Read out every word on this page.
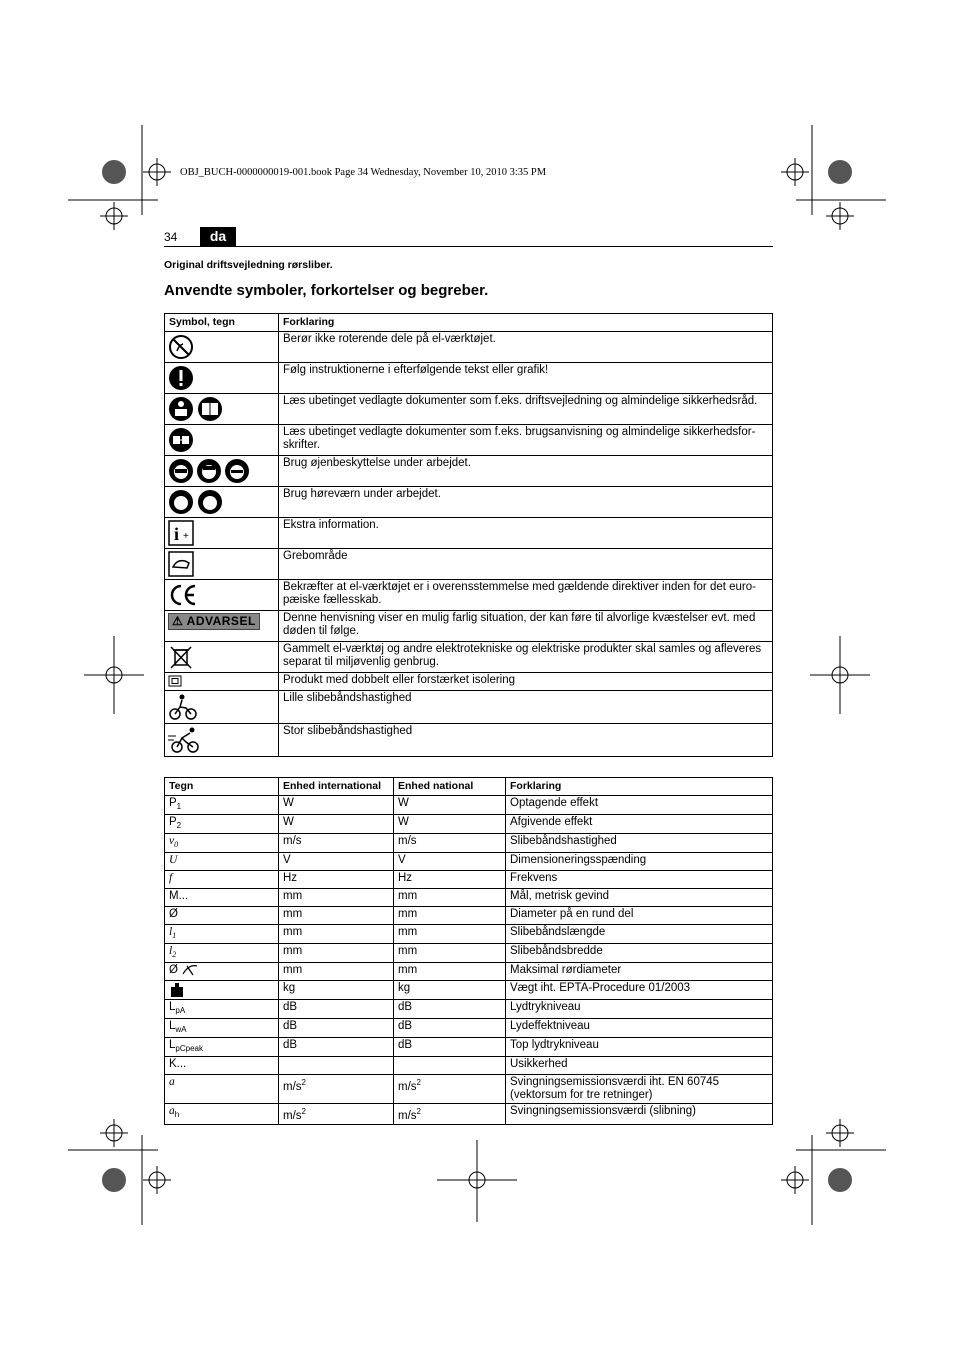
OBJ_BUCH-0000000019-001.book Page 34 Wednesday, November 10, 2010 3:35 PM
34	da
Original driftsvejledning rørsliber.
Anvendte symboler, forkortelser og begreber.
Symbol, tegn	Forklaring
	Berør ikke roterende dele på el-værktøjet.
	Følg instruktionerne i efterfølgende tekst eller grafik!
	Læs ubetinget vedlagte dokumenter som f.eks. driftsvejledning og almindelige sikkerhedsråd.
	Læs ubetinget vedlagte dokumenter som f.eks. brugsanvisning og almindelige sikkerhedsfor-skrifter.
	Brug øjenbeskyttelse under arbejdet.
	Brug høreværn under arbejdet.

i +	Ekstra information.
	Grebområde
	Bekræfter at el-værktøjet er i overensstemmelse med gældende direktiver inden for det euro-pæiske fællesskab.
⚠ ADVARSEL	Denne henvisning viser en mulig farlig situation, der kan føre til alvorlige kvæstelser evt. med døden til følge.
	Gammelt el-værktøj og andre elektrotekniske og elektriske produkter skal samles og afleveres separat til miljøvenlig genbrug.
	Produkt med dobbelt eller forstærket isolering
	Lille slibebåndshastighed
	Stor slibebåndshastighed
Tegn	Enhed international	Enhed national	Forklaring
$P_1$	W	W	Optagende effekt
$P_2$	W	W	Afgivende effekt
$v_0$	m/s	m/s	Slibebåndshastighed
U	V	V	Dimensioneringsspænding
f	Hz	Hz	Frekvens
M...	mm	mm	Mål, metrisk gevind
Ø	mm	mm	Diameter på en rund del
$l_1$	mm	mm	Slibebåndslængde
$l_2$	mm	mm	Slibebåndsbredde
Ø	mm	mm	Maksimal rørdiameter
	kg	kg	Vægt iht. EPTA-Procedure 01/2003
$L_{pA}$	dB	dB	Lydtrykniveau
$L_{wA}$	dB	dB	Lydeffektniveau
$L_{pCpeak}$	dB	dB	Top lydtrykniveau
K...			Usikkerhed
a	$m/s^2$	$m/s^2$	Svingningsemissionsværdi iht. EN 60745 (vektorsum for tre retninger)
$a_h$	$m/s^2$	$m/s^2$	Svingningsemissionsværdi (slibning)
